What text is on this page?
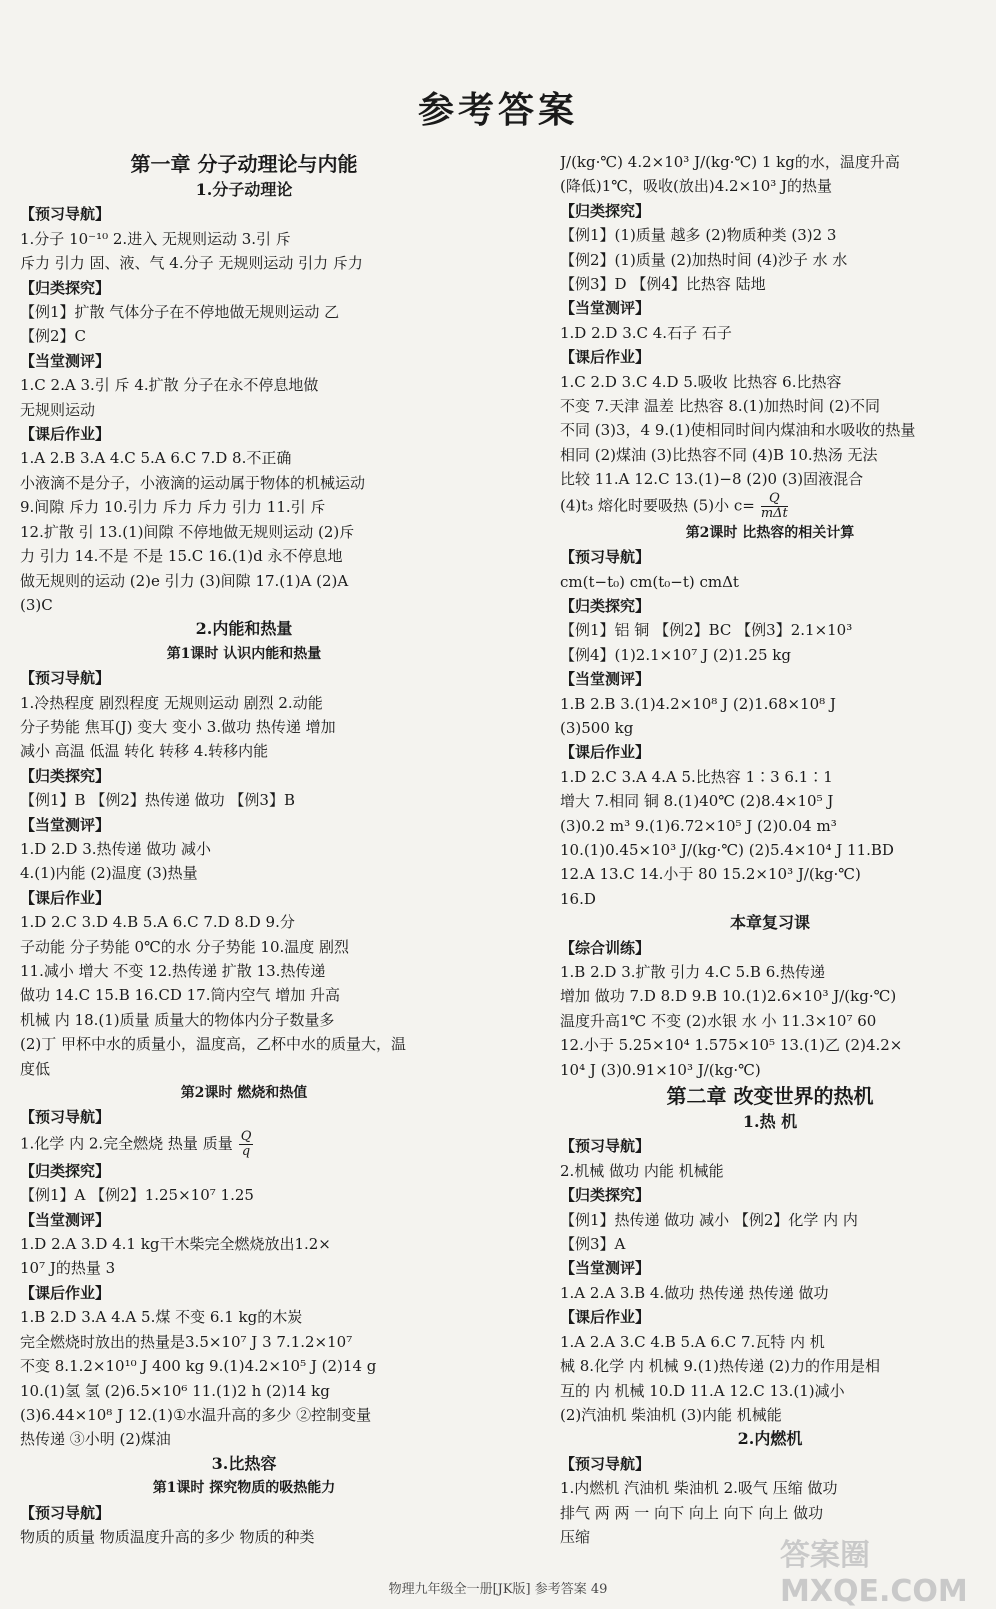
参考答案
第一章 分子动理论与内能
1.分子动理论
【预习导航】
1.分子 10⁻¹⁰ 2.进入 无规则运动 3.引 斥
斥力 引力 固、液、气 4.分子 无规则运动 引力 斥力
【归类探究】
【例1】扩散 气体分子在不停地做无规则运动 乙
【例2】C
【当堂测评】
1.C 2.A 3.引 斥 4.扩散 分子在永不停息地做
无规则运动
【课后作业】
1.A 2.B 3.A 4.C 5.A 6.C 7.D 8.不正确
小液滴不是分子，小液滴的运动属于物体的机械运动
9.间隙 斥力 10.引力 斥力 斥力 引力 11.引 斥
12.扩散 引 13.(1)间隙 不停地做无规则运动 (2)斥
力 引力 14.不是 不是 15.C 16.(1)d 永不停息地
做无规则的运动 (2)e 引力 (3)间隙 17.(1)A (2)A
(3)C
2.内能和热量
第1课时 认识内能和热量
【预习导航】
1.冷热程度 剧烈程度 无规则运动 剧烈 2.动能
分子势能 焦耳(J) 变大 变小 3.做功 热传递 增加
减小 高温 低温 转化 转移 4.转移内能
【归类探究】
【例1】B 【例2】热传递 做功 【例3】B
【当堂测评】
1.D 2.D 3.热传递 做功 减小
4.(1)内能 (2)温度 (3)热量
【课后作业】
1.D 2.C 3.D 4.B 5.A 6.C 7.D 8.D 9.分
子动能 分子势能 0℃的水 分子势能 10.温度 剧烈
11.减小 增大 不变 12.热传递 扩散 13.热传递
做功 14.C 15.B 16.CD 17.筒内空气 增加 升高
机械 内 18.(1)质量 质量大的物体内分子数量多
(2)丁 甲杯中水的质量小，温度高，乙杯中水的质量大，温
度低
第2课时 燃烧和热值
【预习导航】
1.化学 内 2.完全燃烧 热量 质量 $\frac{Q}{q}$
【归类探究】
【例1】A 【例2】1.25×10⁷ 1.25
【当堂测评】
1.D 2.A 3.D 4.1 kg干木柴完全燃烧放出1.2×
10⁷ J的热量 3
【课后作业】
1.B 2.D 3.A 4.A 5.煤 不变 6.1 kg的木炭
完全燃烧时放出的热量是3.5×10⁷ J 3 7.1.2×10⁷
不变 8.1.2×10¹⁰ J 400 kg 9.(1)4.2×10⁵ J (2)14 g
10.(1)氢 氢 (2)6.5×10⁶ 11.(1)2 h (2)14 kg
(3)6.44×10⁸ J 12.(1)①水温升高的多少 ②控制变量
热传递 ③小明 (2)煤油
3.比热容
第1课时 探究物质的吸热能力
【预习导航】
物质的质量 物质温度升高的多少 物质的种类
J/(kg·℃) 4.2×10³ J/(kg·℃) 1 kg的水，温度升高
(降低)1℃，吸收(放出)4.2×10³ J的热量
【归类探究】
【例1】(1)质量 越多 (2)物质种类 (3)2 3
【例2】(1)质量 (2)加热时间 (4)沙子 水 水
【例3】D 【例4】比热容 陆地
【当堂测评】
1.D 2.D 3.C 4.石子 石子
【课后作业】
1.C 2.D 3.C 4.D 5.吸收 比热容 6.比热容
不变 7.天津 温差 比热容 8.(1)加热时间 (2)不同
不同 (3)3，4 9.(1)使相同时间内煤油和水吸收的热量
相同 (2)煤油 (3)比热容不同 (4)B 10.热汤 无法
比较 11.A 12.C 13.(1)−8 (2)0 (3)固液混合
(4)t₃ 熔化时要吸热 (5)小 $c= \frac{Q}{\text{mΔt}}$
第2课时 比热容的相关计算
【预习导航】
cm(t−t₀) cm(t₀−t) cmΔt
【归类探究】
【例1】铝 铜 【例2】BC 【例3】2.1×10³
【例4】(1)2.1×10⁷ J (2)1.25 kg
【当堂测评】
1.B 2.B 3.(1)4.2×10⁸ J (2)1.68×10⁸ J
(3)500 kg
【课后作业】
1.D 2.C 3.A 4.A 5.比热容 1∶3 6.1∶1
增大 7.相同 铜 8.(1)40℃ (2)8.4×10⁵ J
(3)0.2 m³ 9.(1)6.72×10⁵ J (2)0.04 m³
10.(1)0.45×10³ J/(kg·℃) (2)5.4×10⁴ J 11.BD
12.A 13.C 14.小于 80 15.2×10³ J/(kg·℃)
16.D
本章复习课
【综合训练】
1.B 2.D 3.扩散 引力 4.C 5.B 6.热传递
增加 做功 7.D 8.D 9.B 10.(1)2.6×10³ J/(kg·℃)
温度升高1℃ 不变 (2)水银 水 小 11.3×10⁷ 60
12.小于 5.25×10⁴ 1.575×10⁵ 13.(1)乙 (2)4.2×
10⁴ J (3)0.91×10³ J/(kg·℃)
第二章 改变世界的热机
1.热 机
【预习导航】
2.机械 做功 内能 机械能
【归类探究】
【例1】热传递 做功 减小 【例2】化学 内 内
【例3】A
【当堂测评】
1.A 2.A 3.B 4.做功 热传递 热传递 做功
【课后作业】
1.A 2.A 3.C 4.B 5.A 6.C 7.瓦特 内 机
械 8.化学 内 机械 9.(1)热传递 (2)力的作用是相
互的 内 机械 10.D 11.A 12.C 13.(1)减小
(2)汽油机 柴油机 (3)内能 机械能
2.内燃机
【预习导航】
1.内燃机 汽油机 柴油机 2.吸气 压缩 做功
排气 两 两 一 向下 向上 向下 向上 做功
压缩
物理九年级全一册[JK版] 参考答案 49
答案圈 MXQE.COM
